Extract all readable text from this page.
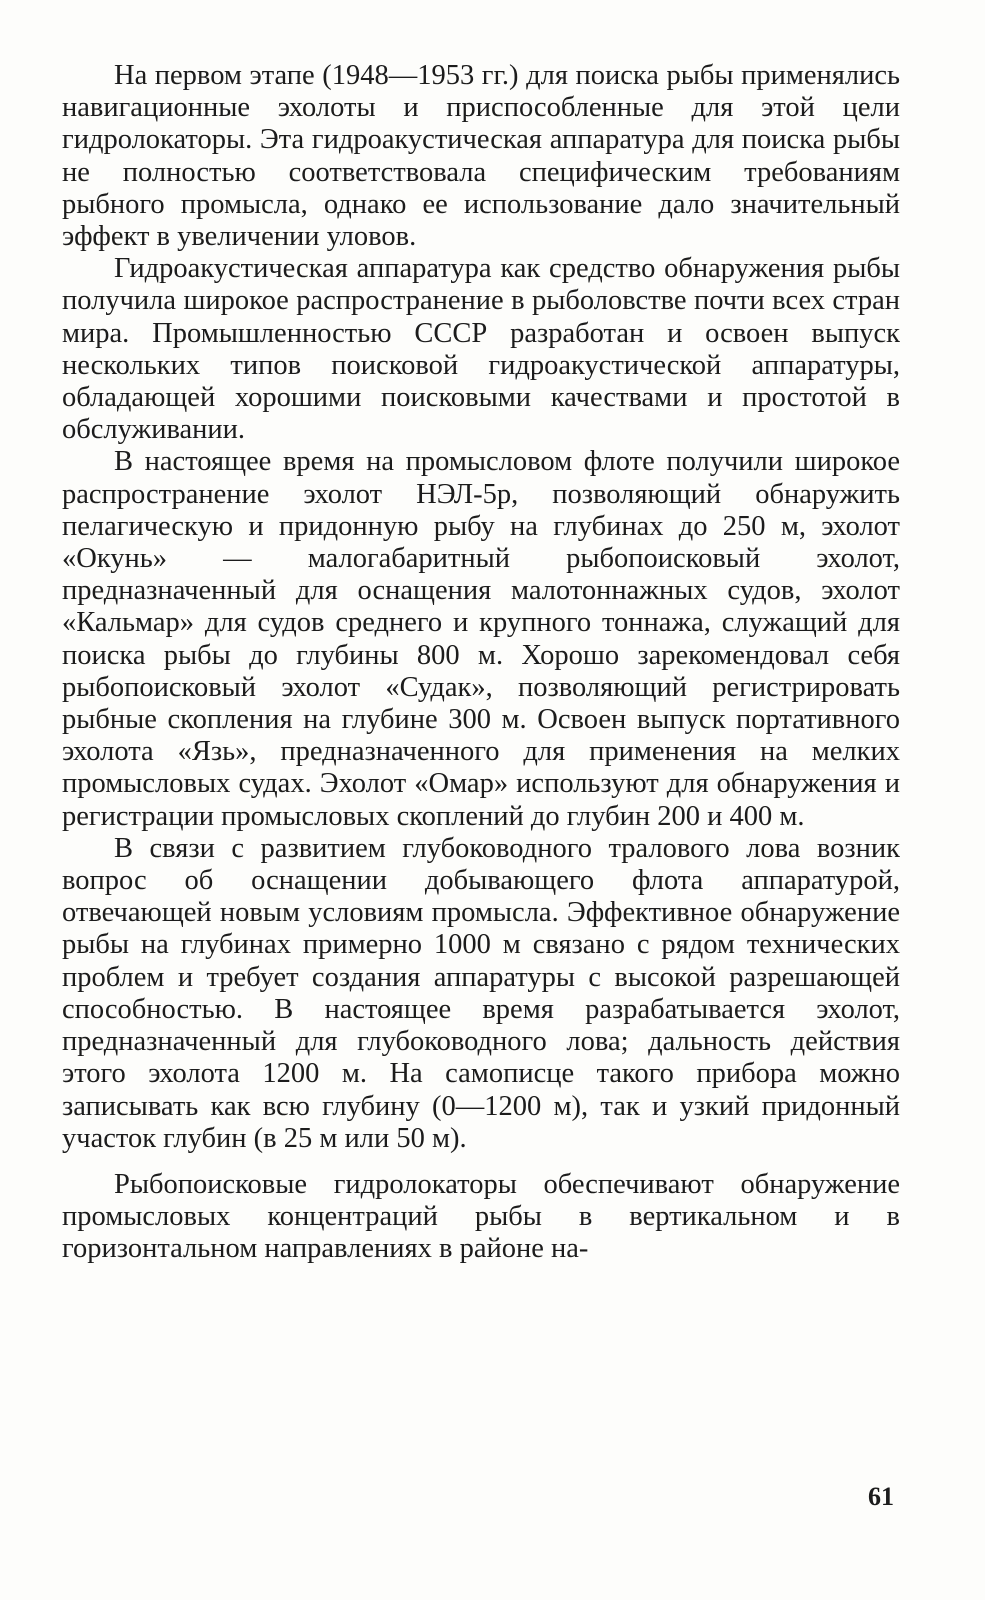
На первом этапе (1948—1953 гг.) для поиска рыбы применялись навигационные эхолоты и приспособленные для этой цели гидролокаторы. Эта гидроакустическая аппаратура для поиска рыбы не полностью соответствовала специфическим требованиям рыбного промысла, однако ее использование дало значительный эффект в увеличении уловов.

Гидроакустическая аппаратура как средство обнаружения рыбы получила широкое распространение в рыболовстве почти всех стран мира. Промышленностью СССР разработан и освоен выпуск нескольких типов поисковой гидроакустической аппаратуры, обладающей хорошими поисковыми качествами и простотой в обслуживании.

В настоящее время на промысловом флоте получили широкое распространение эхолот НЭЛ-5р, позволяющий обнаружить пелагическую и придонную рыбу на глубинах до 250 м, эхолот «Окунь» — малогабаритный рыбопоисковый эхолот, предназначенный для оснащения малотоннажных судов, эхолот «Кальмар» для судов среднего и крупного тоннажа, служащий для поиска рыбы до глубины 800 м. Хорошо зарекомендовал себя рыбопоисковый эхолот «Судак», позволяющий регистрировать рыбные скопления на глубине 300 м. Освоен выпуск портативного эхолота «Язь», предназначенного для применения на мелких промысловых судах. Эхолот «Омар» используют для обнаружения и регистрации промысловых скоплений до глубин 200 и 400 м.

В связи с развитием глубоководного тралового лова возник вопрос об оснащении добывающего флота аппаратурой, отвечающей новым условиям промысла. Эффективное обнаружение рыбы на глубинах примерно 1000 м связано с рядом технических проблем и требует создания аппаратуры с высокой разрешающей способностью. В настоящее время разрабатывается эхолот, предназначенный для глубоководного лова; дальность действия этого эхолота 1200 м. На самописце такого прибора можно записывать как всю глубину (0—1200 м), так и узкий придонный участок глубин (в 25 м или 50 м).

Рыбопоисковые гидролокаторы обеспечивают обнаружение промысловых концентраций рыбы в вертикальном и в горизонтальном направлениях в районе на-

61
